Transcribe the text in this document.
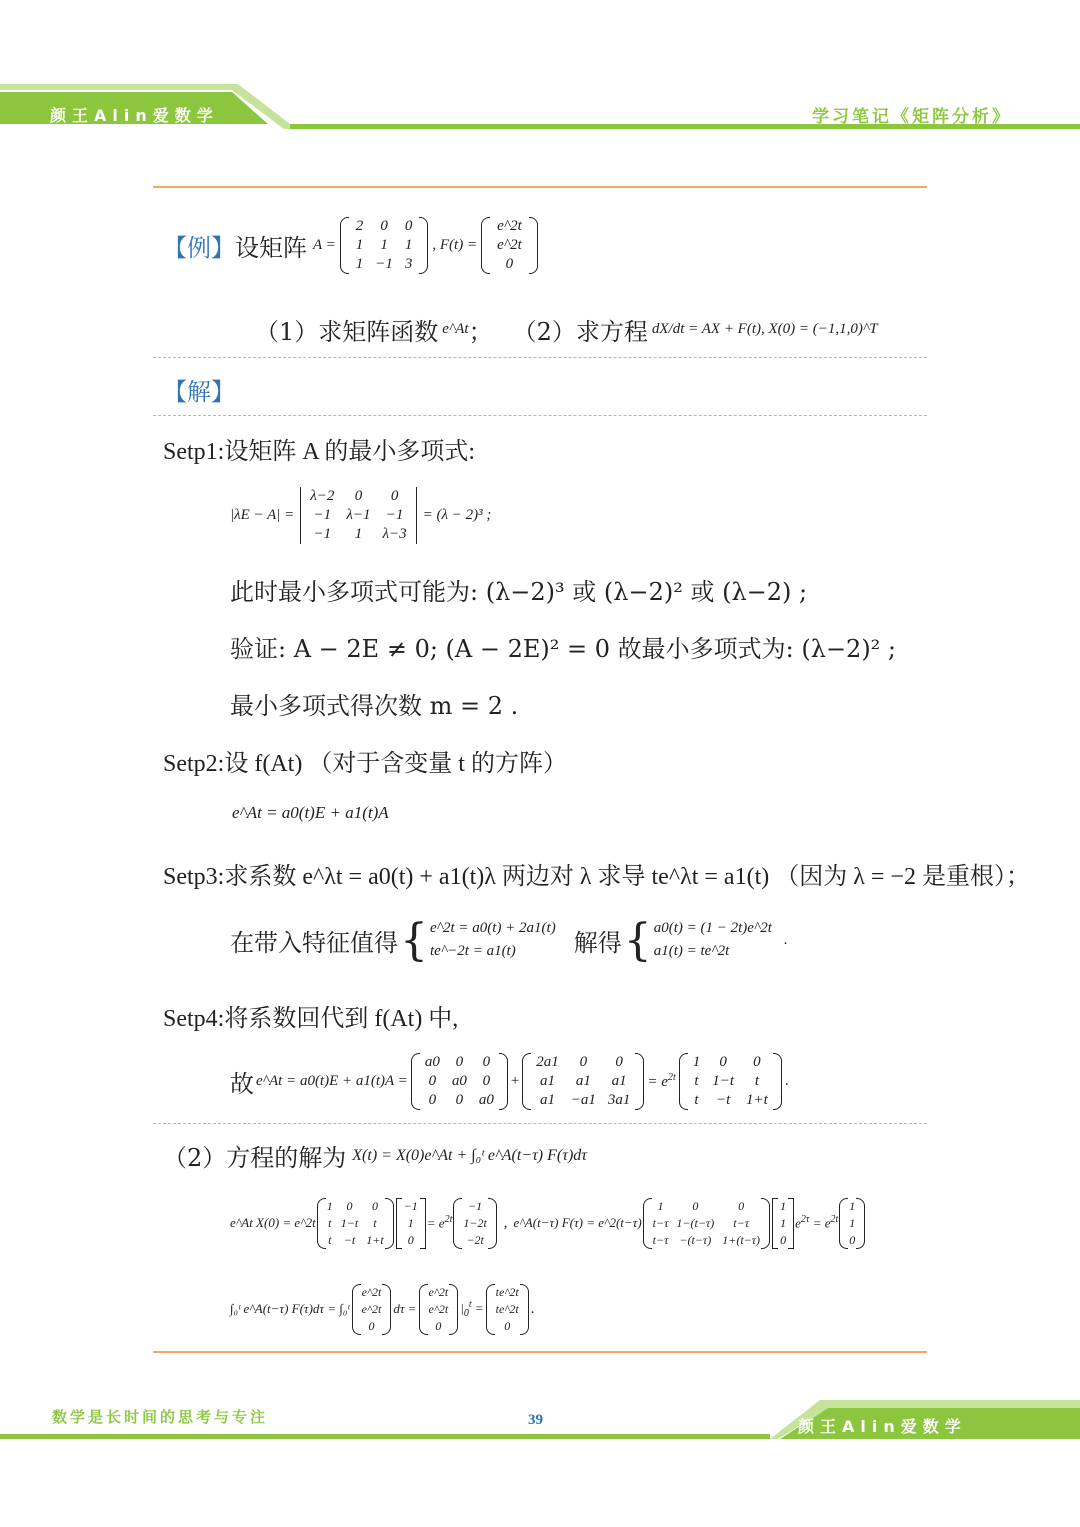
颜王Alin爱数学	学习笔记《矩阵分析》
【例】 设矩阵 A =
2	0	0
1	1	1
1	−1	3
, F(t) =
e^2t
e^2t
0
（1）求矩阵函数 e^At ； （2）求方程 dX/dt = AX + F(t), X(0) = (−1,1,0)^T
【解】
Setp1:设矩阵 A 的最小多项式:
|λE − A| =
λ−2	0	0
−1	λ−1	−1
−1	1	λ−3
= (λ − 2)³ ;
此时最小多项式可能为: (λ−2)³ 或 (λ−2)² 或 (λ−2) ;
验证: A − 2E ≠ 0; (A − 2E)² = 0 故最小多项式为: (λ−2)² ;
最小多项式得次数 m = 2 .
Setp2:设 f(At) （对于含变量 t 的方阵）
e^At = a0(t)E + a1(t)A
Setp3:求系数 e^λt = a0(t) + a1(t)λ 两边对 λ 求导 te^λt = a1(t) （因为 λ = −2 是重根）；
在带入特征值得 { e^2t = a0(t) + 2a1(t)
te^−2t = a1(t)	解得 { a0(t) = (1 − 2t)e^2t
a1(t) = te^2t
.
Setp4:将系数回代到 f(At) 中,
故 e^At = a0(t)E + a1(t)A =
a0	0	0
0	a0	0
0	0	a0
+
2a1	0	0
a1	a1	a1
a1	−a1	3a1
= $e^{2t}$
1	0	0
t	1−t	t
t	−t	1+t
.
（2）方程的解为 X(t) = X(0)e^At + ∫₀ᵗ e^A(t−τ) F(τ)dτ
e^At X(0) = e^2t
1	0	0
t	1−t	t
t	−t	1+t
−1
1
0
= $e^{2t}$
−1
1−2t
−2t
, e^A(t−τ) F(τ) = e^2(t−τ)
1	0	0
t−τ	1−(t−τ)	t−τ
t−τ	−(t−τ)	1+(t−τ)
1
1
0
$e^{2\tau} = e^{2t}$
1
1
0
∫₀ᵗ e^A(t−τ) F(τ)dτ = ∫₀ᵗ
e^2t
e^2t
0
dτ =
e^2t
e^2t
0
$|_0^t$ =
te^2t
te^2t
0
.
数学是长时间的思考与专注	39	颜王Alin爱数学
